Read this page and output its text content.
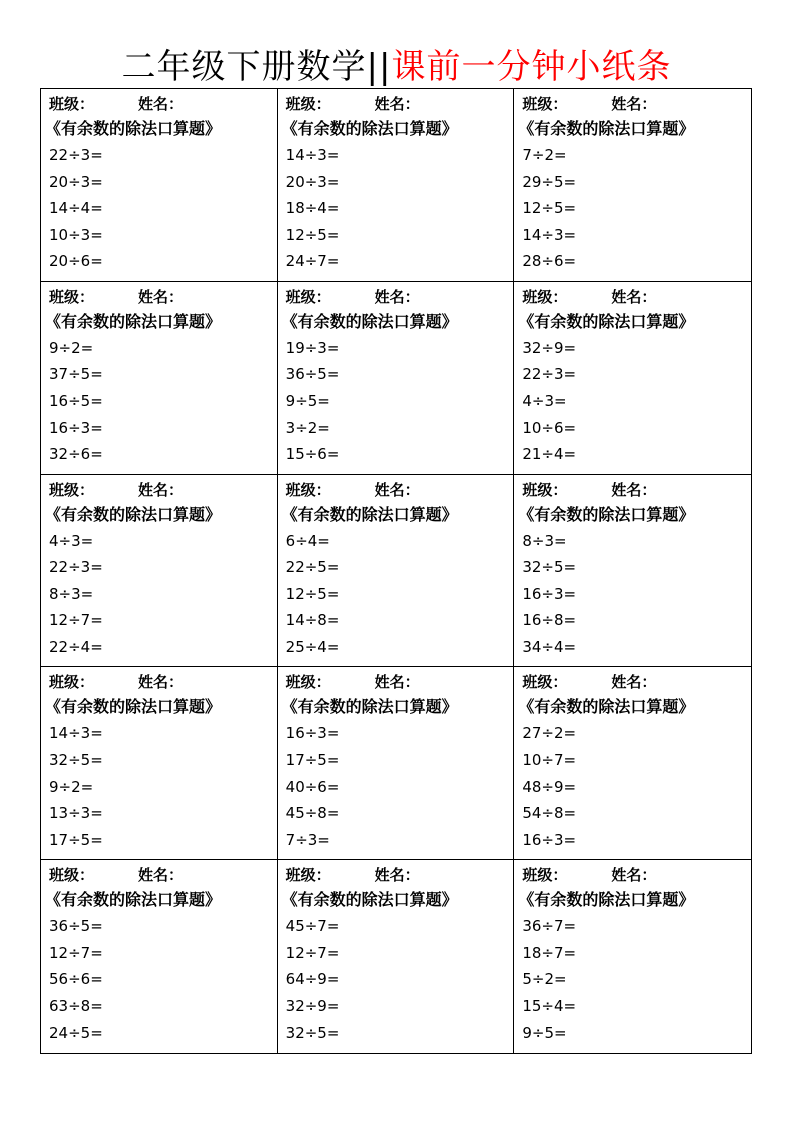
二年级下册数学||课前一分钟小纸条
班级：	姓名：
《有余数的除法口算题》
22÷3=
20÷3=
14÷4=
10÷3=
20÷6=
班级：	姓名：
《有余数的除法口算题》
14÷3=
20÷3=
18÷4=
12÷5=
24÷7=
班级：	姓名：
《有余数的除法口算题》
7÷2=
29÷5=
12÷5=
14÷3=
28÷6=
班级：	姓名：
《有余数的除法口算题》
9÷2=
37÷5=
16÷5=
16÷3=
32÷6=
班级：	姓名：
《有余数的除法口算题》
19÷3=
36÷5=
9÷5=
3÷2=
15÷6=
班级：	姓名：
《有余数的除法口算题》
32÷9=
22÷3=
4÷3=
10÷6=
21÷4=
班级：	姓名：
《有余数的除法口算题》
4÷3=
22÷3=
8÷3=
12÷7=
22÷4=
班级：	姓名：
《有余数的除法口算题》
6÷4=
22÷5=
12÷5=
14÷8=
25÷4=
班级：	姓名：
《有余数的除法口算题》
8÷3=
32÷5=
16÷3=
16÷8=
34÷4=
班级：	姓名：
《有余数的除法口算题》
14÷3=
32÷5=
9÷2=
13÷3=
17÷5=
班级：	姓名：
《有余数的除法口算题》
16÷3=
17÷5=
40÷6=
45÷8=
7÷3=
班级：	姓名：
《有余数的除法口算题》
27÷2=
10÷7=
48÷9=
54÷8=
16÷3=
班级：	姓名：
《有余数的除法口算题》
36÷5=
12÷7=
56÷6=
63÷8=
24÷5=
班级：	姓名：
《有余数的除法口算题》
45÷7=
12÷7=
64÷9=
32÷9=
32÷5=
班级：	姓名：
《有余数的除法口算题》
36÷7=
18÷7=
5÷2=
15÷4=
9÷5=
